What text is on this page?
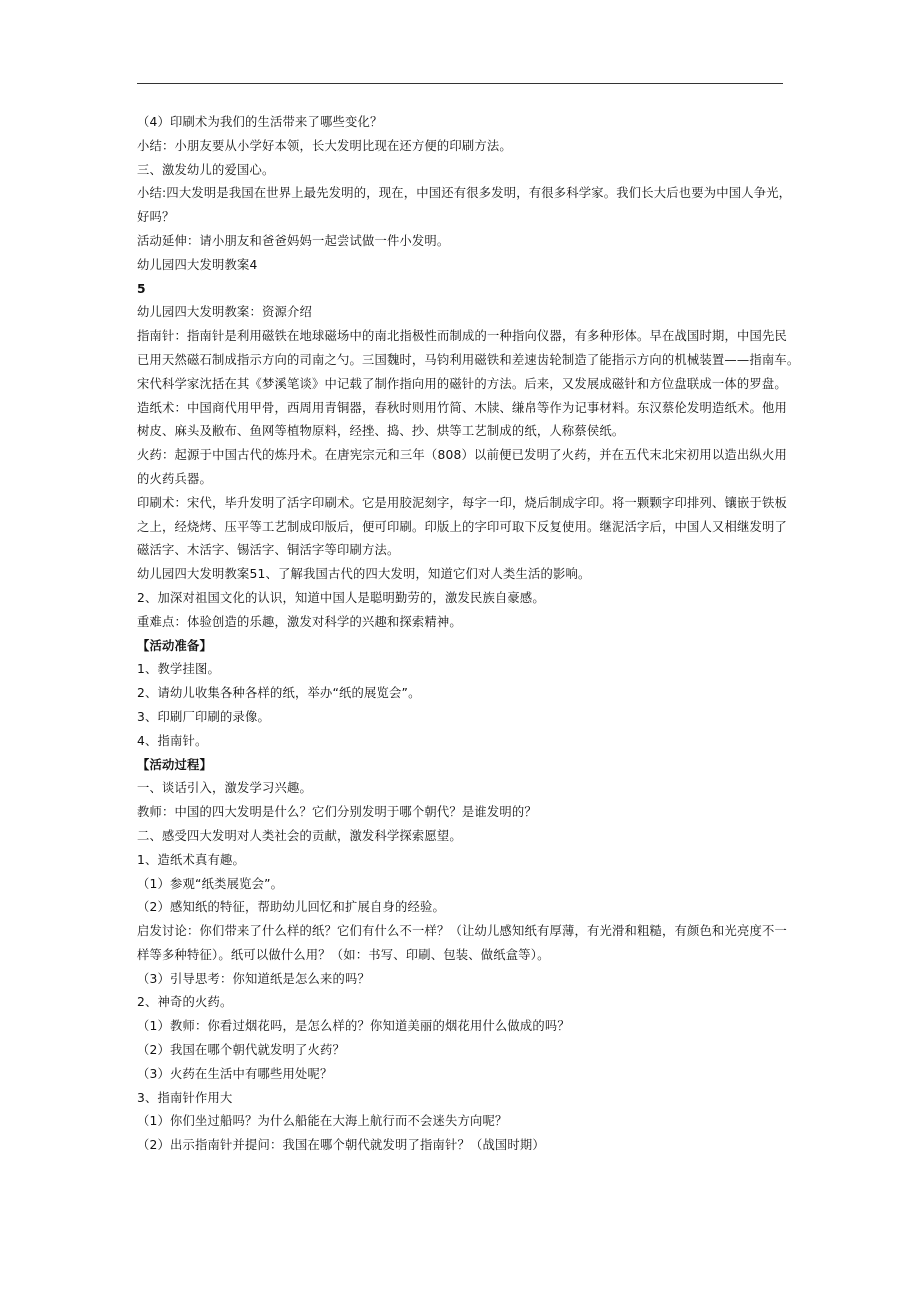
（4）印刷术为我们的生活带来了哪些变化？
小结：小朋友要从小学好本领，长大发明比现在还方便的印刷方法。
三、激发幼儿的爱国心。
小结:四大发明是我国在世界上最先发明的，现在，中国还有很多发明，有很多科学家。我们长大后也要为中国人争光，
好吗？
活动延伸：请小朋友和爸爸妈妈一起尝试做一件小发明。
幼儿园四大发明教案4
5
幼儿园四大发明教案：资源介绍
指南针：指南针是利用磁铁在地球磁场中的南北指极性而制成的一种指向仪器，有多种形体。早在战国时期，中国先民
已用天然磁石制成指示方向的司南之勺。三国魏时，马钧利用磁铁和差速齿轮制造了能指示方向的机械装置——指南车。
宋代科学家沈括在其《梦溪笔谈》中记载了制作指向用的磁针的方法。后来，又发展成磁针和方位盘联成一体的罗盘。
造纸术：中国商代用甲骨，西周用青铜器，春秋时则用竹简、木牍、缣帛等作为记事材料。东汉蔡伦发明造纸术。他用
树皮、麻头及敝布、鱼网等植物原料，经挫、捣、抄、烘等工艺制成的纸，人称蔡侯纸。
火药：起源于中国古代的炼丹术。在唐宪宗元和三年（808）以前便已发明了火药，并在五代末北宋初用以造出纵火用
的火药兵器。
印刷术：宋代，毕升发明了活字印刷术。它是用胶泥刻字，每字一印，烧后制成字印。将一颗颗字印排列、镶嵌于铁板
之上，经烧烤、压平等工艺制成印版后，便可印刷。印版上的字印可取下反复使用。继泥活字后，中国人又相继发明了
磁活字、木活字、锡活字、铜活字等印刷方法。
幼儿园四大发明教案51、了解我国古代的四大发明，知道它们对人类生活的影响。
2、加深对祖国文化的认识，知道中国人是聪明勤劳的，激发民族自豪感。
重难点：体验创造的乐趣，激发对科学的兴趣和探索精神。
【活动准备】
1、教学挂图。
2、请幼儿收集各种各样的纸，举办“纸的展览会”。
3、印刷厂印刷的录像。
4、指南针。
【活动过程】
一、谈话引入，激发学习兴趣。
教师：中国的四大发明是什么？它们分别发明于哪个朝代？是谁发明的？
二、感受四大发明对人类社会的贡献，激发科学探索愿望。
1、造纸术真有趣。
（1）参观“纸类展览会”。
（2）感知纸的特征，帮助幼儿回忆和扩展自身的经验。
启发讨论：你们带来了什么样的纸？它们有什么不一样？（让幼儿感知纸有厚薄，有光滑和粗糙，有颜色和光亮度不一
样等多种特征）。纸可以做什么用？（如：书写、印刷、包装、做纸盒等）。
（3）引导思考：你知道纸是怎么来的吗？
2、神奇的火药。
（1）教师：你看过烟花吗，是怎么样的？你知道美丽的烟花用什么做成的吗？
（2）我国在哪个朝代就发明了火药？
（3）火药在生活中有哪些用处呢？
3、指南针作用大
（1）你们坐过船吗？为什么船能在大海上航行而不会迷失方向呢？
（2）出示指南针并提问：我国在哪个朝代就发明了指南针？（战国时期）
